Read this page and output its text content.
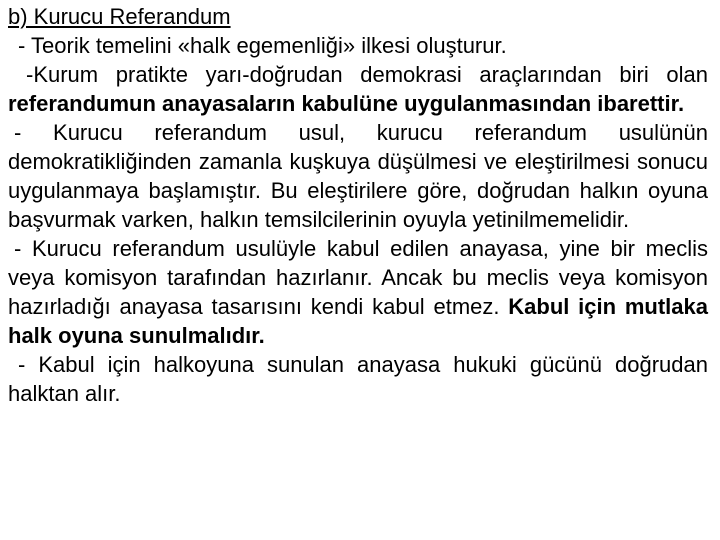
b) Kurucu Referandum

- Teorik temelini «halk egemenliği» ilkesi oluşturur.

-Kurum pratikte yarı-doğrudan demokrasi araçlarından biri olan referandumun anayasaların kabulüne uygulanmasından ibarettir.

- Kurucu referandum usul, kurucu referandum usulünün demokratikliğinden zamanla kuşkuya düşülmesi ve eleştirilmesi sonucu uygulanmaya başlamıştır. Bu eleştirilere göre, doğrudan halkın oyuna başvurmak varken, halkın temsilcilerinin oyuyla yetinilmemelidir.

- Kurucu referandum usulüyle kabul edilen anayasa, yine bir meclis veya komisyon tarafından hazırlanır. Ancak bu meclis veya komisyon hazırladığı anayasa tasarısını kendi kabul etmez. Kabul için mutlaka halk oyuna sunulmalıdır.

- Kabul için halkoyuna sunulan anayasa hukuki gücünü doğrudan halktan alır.
